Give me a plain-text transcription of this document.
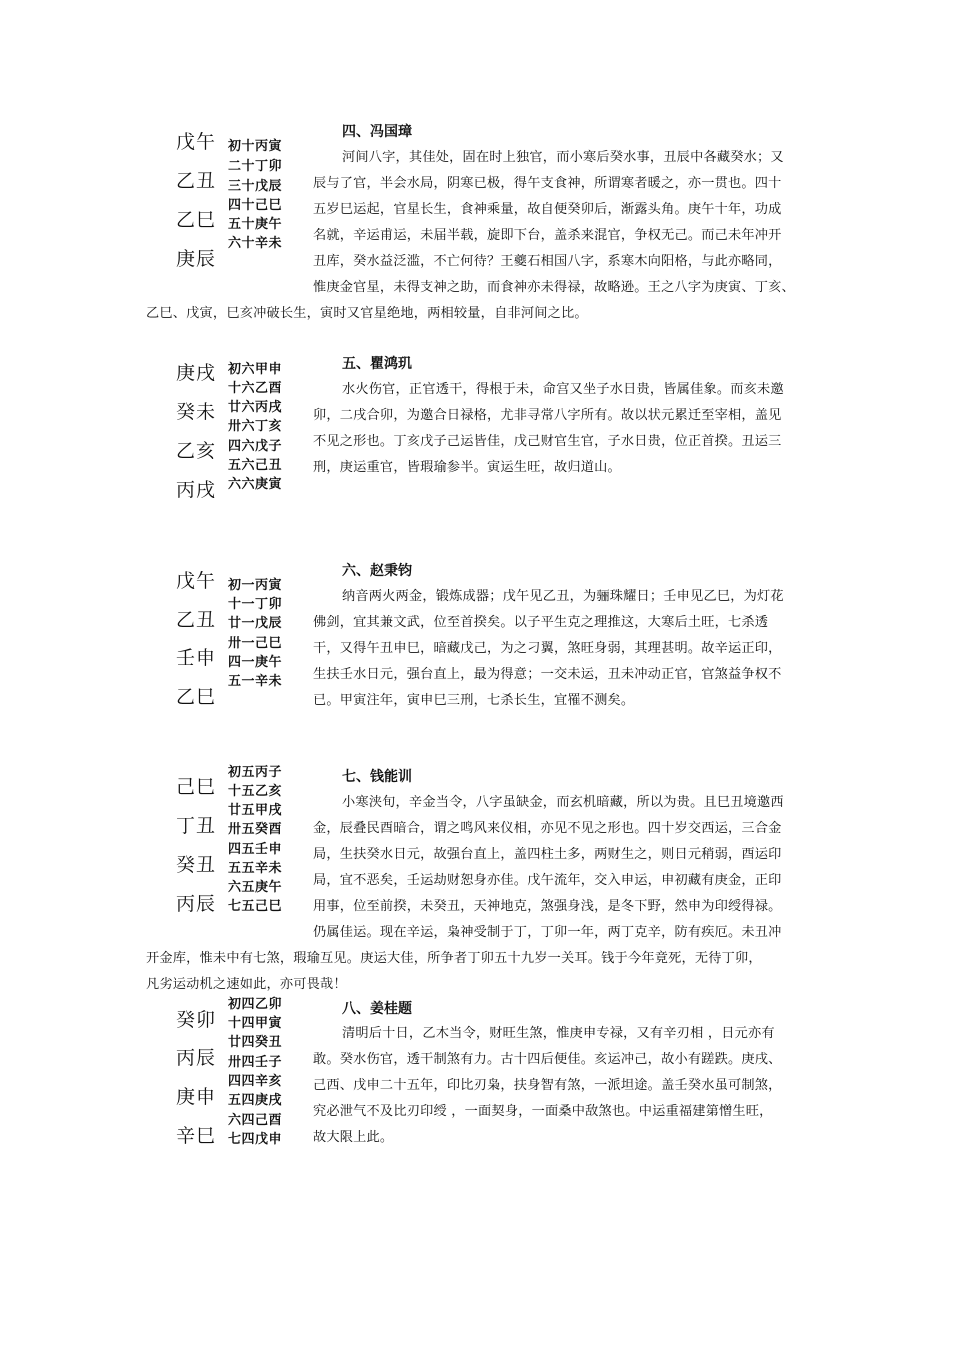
戊午
乙丑
乙巳
庚辰
初十丙寅
二十丁卯
三十戊辰
四十己巳
五十庚午
六十辛未
四、冯国璋
河间八字，其佳处，固在时上独官，而小寒后癸水事，丑辰中各藏癸水；又
辰与了官，半会水局，阴寒已极，得午支食神，所谓寒者暖之，亦一贯也。四十
五岁巳运起，官星长生，食神乘量，故自便癸卯后，渐露头角。庚午十年，功成
名就，辛运甫运，未届半载，旋即下台，盖杀来混官，争权无己。而己未年冲开
丑库，癸水益泛滥，不亡何待？王夔石相国八字，系寒木向阳格，与此亦略同，
惟庚金官星，未得支神之助，而食神亦未得禄，故略逊。王之八字为庚寅、丁亥、
乙巳、戊寅，巳亥冲破长生，寅时又官星绝地，两相较量，自非河间之比。
庚戌
癸未
乙亥
丙戌
初六甲申
十六乙酉
廿六丙戌
卅六丁亥
四六戊子
五六己丑
六六庚寅
五、瞿鸿玑
水火伤官，正官透干，得根于未，命宫又坐子水日贵，皆属佳象。而亥未邀
卯，二戌合卯，为邀合日禄格，尤非寻常八字所有。故以状元累迁至宰相，盖见
不见之形也。丁亥戊子己运皆佳，戊己财官生官，子水日贵，位正首揆。丑运三
刑，庚运重官，皆瑕瑜参半。寅运生旺，故归道山。
戊午
乙丑
壬申
乙巳
初一丙寅
十一丁卯
廿一戊辰
卅一己巳
四一庚午
五一辛未
六、赵秉钧
纳音两火两金，锻炼成器；戊午见乙丑，为骊珠耀日；壬申见乙巳，为灯花
佛剑，宜其兼文武，位至首揆矣。以子平生克之理推这，大寒后土旺，七杀透
干，又得午丑申巳，暗藏戊己，为之刁翼，煞旺身弱，其理甚明。故辛运正印，
生扶壬水日元，强台直上，最为得意；一交未运，丑未冲动正官，官煞益争权不
已。甲寅注年，寅申巳三刑，七杀长生，宜罹不测矣。
己巳
丁丑
癸丑
丙辰
初五丙子
十五乙亥
廿五甲戌
卅五癸酉
四五壬申
五五辛未
六五庚午
七五己巳
七、钱能训
小寒浃旬，辛金当令，八字虽缺金，而玄机暗藏，所以为贵。且巳丑境邀西
金，辰叠民酉暗合，谓之鸣风来仪相，亦见不见之形也。四十岁交西运，三合金
局，生扶癸水日元，故强台直上，盖四柱土多，两财生之，则日元稍弱，酉运印
局，宜不恶矣，壬运劫财恕身亦佳。戊午流年，交入申运，申初藏有庚金，正印
用事，位至前揆，未癸丑，天神地克，煞强身浅，是冬下野，然申为印绶得禄。
仍属佳运。现在辛运，枭神受制于丁，丁卯一年，两丁克辛，防有疾厄。未丑冲
开金库，惟未中有七煞，瑕瑜互见。庚运大佳，所争者丁卯五十九岁一关耳。钱于今年竟死，无待丁卯，
凡劣运动机之速如此，亦可畏哉！
癸卯
丙辰
庚申
辛巳
初四乙卯
十四甲寅
廿四癸丑
卅四壬子
四四辛亥
五四庚戌
六四己酉
七四戊申
八、姜桂题
清明后十日，乙木当令，财旺生煞，惟庚申专禄，又有辛刃相 ，日元亦有
敢。癸水伤官，透干制煞有力。古十四后便佳。亥运冲己，故小有蹉跌。庚戌、
己西、戊申二十五年，印比刃枭，扶身智有煞，一派坦途。盖壬癸水虽可制煞，
究必泄气不及比刃印绶 ，一面契身，一面桑中敌煞也。中运重福建第憎生旺，
故大限上此。
